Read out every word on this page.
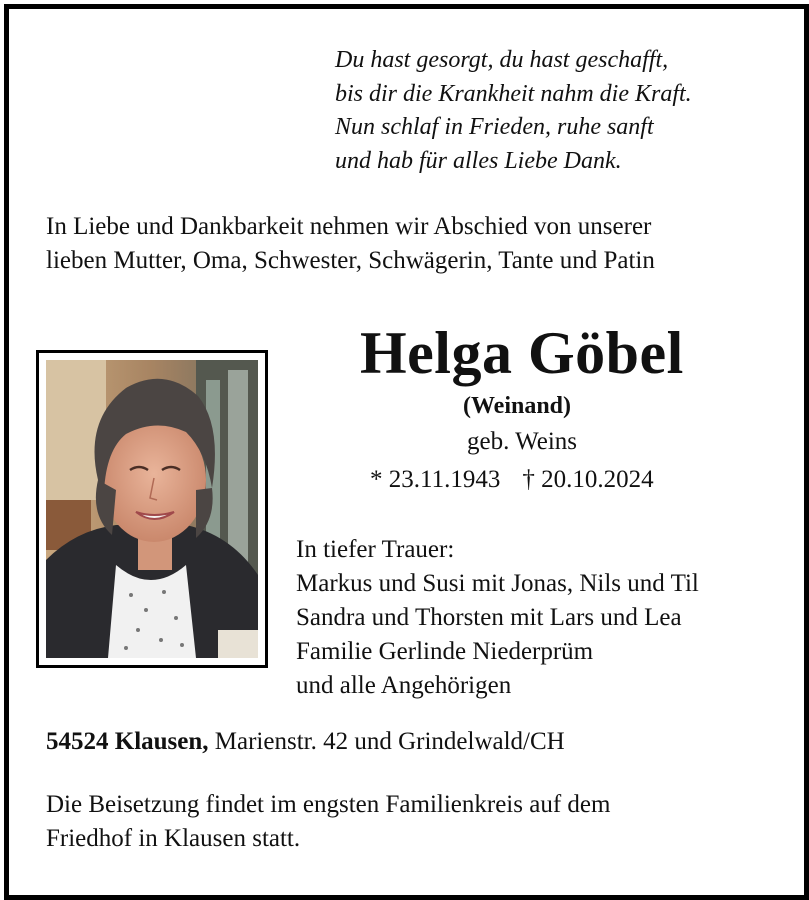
Du hast gesorgt, du hast geschafft,
bis dir die Krankheit nahm die Kraft.
Nun schlaf in Frieden, ruhe sanft
und hab für alles Liebe Dank.
In Liebe und Dankbarkeit nehmen wir Abschied von unserer
lieben Mutter, Oma, Schwester, Schwägerin, Tante und Patin
Helga Göbel
(Weinand)
geb. Weins
* 23.11.1943 † 20.10.2024
In tiefer Trauer:
Markus und Susi mit Jonas, Nils und Til
Sandra und Thorsten mit Lars und Lea
Familie Gerlinde Niederprüm
und alle Angehörigen
54524 Klausen, Marienstr. 42 und Grindelwald/CH
Die Beisetzung findet im engsten Familienkreis auf dem
Friedhof in Klausen statt.
